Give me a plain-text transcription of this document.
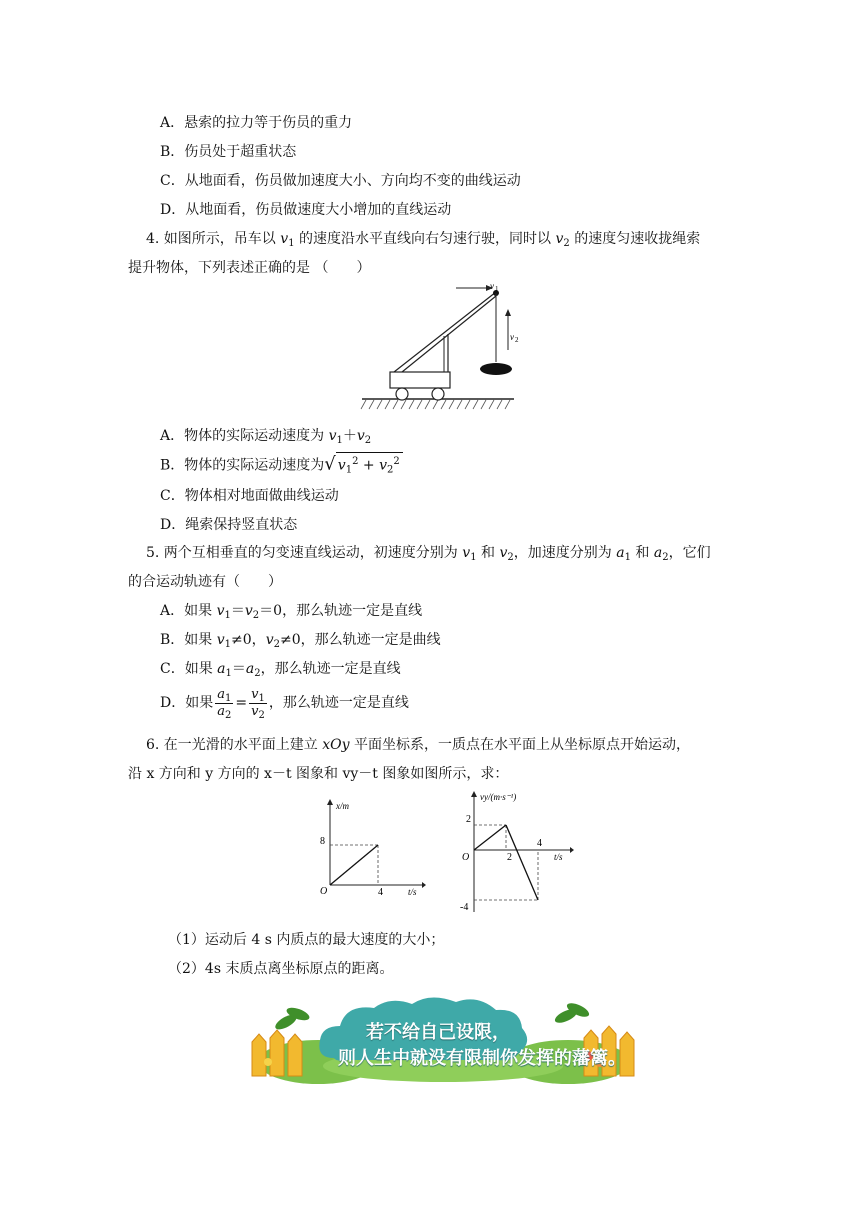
A．悬索的拉力等于伤员的重力
B．伤员处于超重状态
C．从地面看，伤员做加速度大小、方向均不变的曲线运动
D．从地面看，伤员做速度大小增加的直线运动
4. 如图所示，吊车以 $v_1$ 的速度沿水平直线向右匀速行驶，同时以 $v_2$ 的速度匀速收拢绳索
提升物体，下列表述正确的是 （　　）
v 1
v 2
A．物体的实际运动速度为 $v_1+v_2$
B．物体的实际运动速度为√ $v_1^2 + v_2^2$
C．物体相对地面做曲线运动
D．绳索保持竖直状态
5. 两个互相垂直的匀变速直线运动，初速度分别为 $v_1$ 和 $v_2$，加速度分别为 $a_1$ 和 $a_2$，它们
的合运动轨迹有（　　）
A．如果 $v_1=v_2=0$，那么轨迹一定是直线
B．如果 $v_1\ne 0$，$v_2\ne 0$，那么轨迹一定是曲线
C．如果 $a_1=a_2$，那么轨迹一定是直线
D．如果 $\frac{a_1}{a_2} = \frac{v_1}{v_2}$ ，那么轨迹一定是直线
6. 在一光滑的水平面上建立 xOy 平面坐标系，一质点在水平面上从坐标原点开始运动，
沿 x 方向和 y 方向的 x－t 图象和 vy－t 图象如图所示，求：
x/m
t/s
O
8
4
vy/(m·s⁻¹)
t/s
O
2
-4
2
4
（1）运动后 4 s 内质点的最大速度的大小；
（2）4s 末质点离坐标原点的距离。
若不给自己设限，
则人生中就没有限制你发挥的藩篱。
